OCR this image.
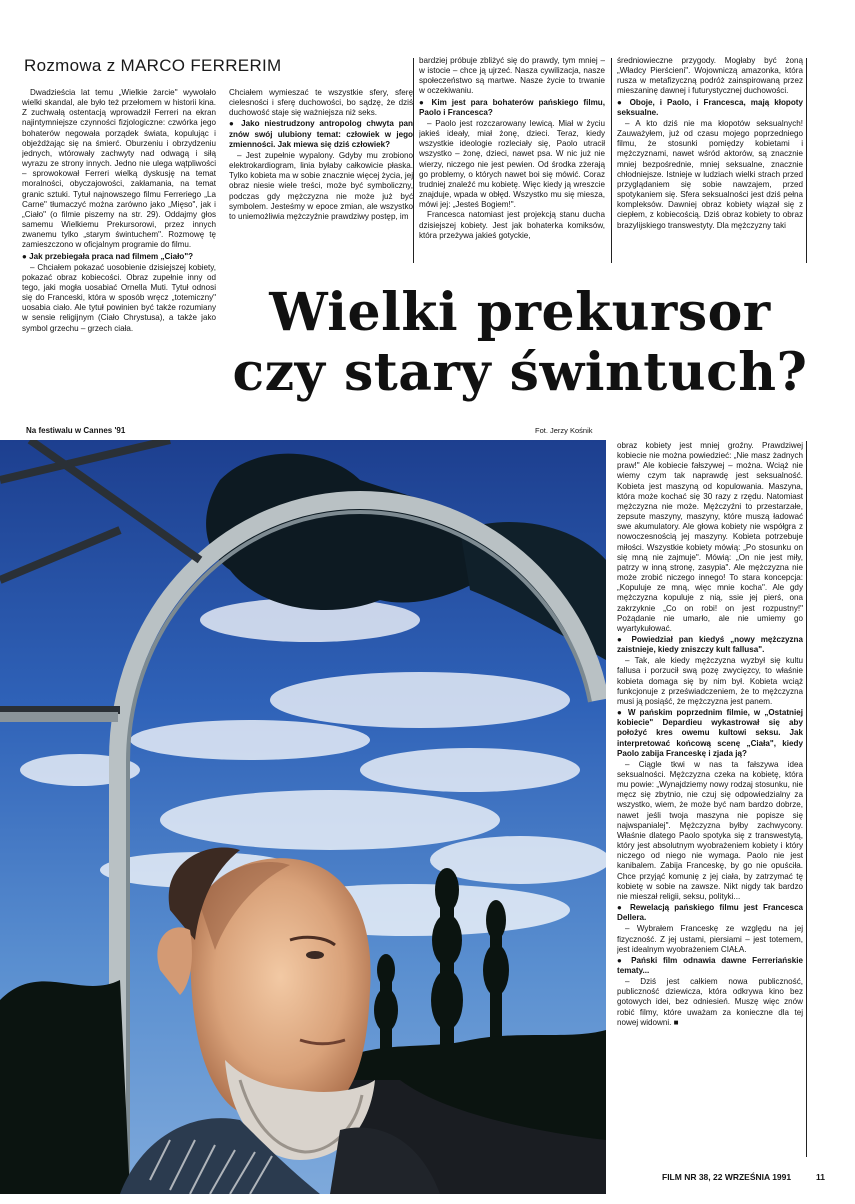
Rozmowa z MARCO FERRERIM

Dwadzieścia lat temu „Wielkie żarcie" wywołało wielki skandal, ale było też przełomem w historii kina. Z zuchwałą ostentacją wprowadził Ferreri na ekran najintymniejsze czynności fizjologiczne: czwórka jego bohaterów negowała porządek świata, kopulując i objeżdżając się na śmierć. Oburzeniu i obrzydzeniu jednych, wtórowały zachwyty nad odwagą i siłą wyrazu ze strony innych. Jedno nie ulega wątpliwości – sprowokował Ferreri wielką dyskusję na temat moralności, obyczajowości, zakłamania, na temat granic sztuki. Tytuł najnowszego filmu Ferreriego „La Carne" tłumaczyć można zarówno jako „Mięso", jak i „Ciało" (o filmie piszemy na str. 29). Oddajmy głos samemu Wielkiemu Prekursorowi, przez innych zwanemu tylko „starym świntuchem". Rozmowę tę zamieszczono w oficjalnym programie do filmu.

● Jak przebiegała praca nad filmem „Ciało"?

– Chciałem pokazać uosobienie dzisiejszej kobiety, pokazać obraz kobiecości. Obraz zupełnie inny od tego, jaki mogła uosabiać Ornella Muti. Tytuł odnosi się do Franceski, która w sposób wręcz „totemiczny" uosabia ciało. Ale tytuł powinien być także rozumiany w sensie religijnym (Ciało Chrystusa), a także jako symbol grzechu – grzech ciała.

Chciałem wymieszać te wszystkie sfery, sferę cielesności i sferę duchowości, bo sądzę, że dziś duchowość staje się ważniejsza niż seks.

● Jako niestrudzony antropolog chwyta pan znów swój ulubiony temat: człowiek w jego zmienności. Jak miewa się dziś człowiek?

– Jest zupełnie wypalony. Gdyby mu zrobiono elektrokardiogram, linia byłaby całkowicie płaska. Tylko kobieta ma w sobie znacznie więcej życia, jej obraz niesie wiele treści, może być symboliczny, podczas gdy mężczyzna nie może już być symbolem. Jesteśmy w epoce zmian, ale wszystko to uniemożliwia mężczyźnie prawdziwy postęp, im

bardziej próbuje zbliżyć się do prawdy, tym mniej – w istocie – chce ją ujrzeć. Nasza cywilizacja, nasze społeczeństwo są martwe. Nasze życie to trwanie w oczekiwaniu.

● Kim jest para bohaterów pańskiego filmu, Paolo i Francesca?

– Paolo jest rozczarowany lewicą. Miał w życiu jakieś ideały, miał żonę, dzieci. Teraz, kiedy wszystkie ideologie rozleciały się, Paolo utracił wszystko – żonę, dzieci, nawet psa. W nic już nie wierzy, niczego nie jest pewien. Od środka zżerają go problemy, o których nawet boi się mówić. Coraz trudniej znaleźć mu kobietę. Więc kiedy ją wreszcie znajduje, wpada w obłęd. Wszystko mu się miesza, mówi jej: „Jesteś Bogiem!".

Francesca natomiast jest projekcją stanu ducha dzisiejszej kobiety. Jest jak bohaterka komiksów, która przeżywa jakieś gotyckie,

średniowieczne przygody. Mogłaby być żoną „Władcy Pierścieni". Wojowniczą amazonka, która rusza w metafizyczną podróż zainspirowaną przez mieszaninę dawnej i futurystycznej duchowości.

● Oboje, i Paolo, i Francesca, mają kłopoty seksualne.

– A kto dziś nie ma kłopotów seksualnych! Zauważyłem, już od czasu mojego poprzedniego filmu, że stosunki pomiędzy kobietami i mężczyznami, nawet wśród aktorów, są znacznie mniej bezpośrednie, mniej seksualne, znacznie chłodniejsze. Istnieje w ludziach wielki strach przed przyglądaniem się sobie nawzajem, przed spotykaniem się. Sfera seksualności jest dziś pełna kompleksów. Dawniej obraz kobiety wiązał się z ciepłem, z kobiecością. Dziś obraz kobiety to obraz brazylijskiego transwestyty. Dla mężczyzny taki

Wielki prekursor
czy stary świntuch?
Na festiwalu w Cannes '91	Fot. Jerzy Kośnik

obraz kobiety jest mniej groźny. Prawdziwej kobiecie nie można powiedzieć: „Nie masz żadnych praw!" Ale kobiecie fałszywej – można. Wciąż nie wiemy czym tak naprawdę jest seksualność. Kobieta jest maszyną od kopulowania. Maszyna, która może kochać się 30 razy z rzędu. Natomiast mężczyzna nie może. Mężczyźni to przestarzałe, zepsute maszyny, maszyny, które muszą ładować swe akumulatory. Ale głowa kobiety nie współgra z nowoczesnością jej maszyny. Kobieta potrzebuje miłości. Wszystkie kobiety mówią: „Po stosunku on się mną nie zajmuje". Mówią: „On nie jest miły, patrzy w inną stronę, zasypia". Ale mężczyzna nie może zrobić niczego innego! To stara koncepcja: „Kopuluje ze mną, więc mnie kocha". Ale gdy mężczyzna kopuluje z nią, ssie jej pierś, ona zakrzyknie „Co on robi! on jest rozpustny!" Pożądanie nie umarło, ale nie umiemy go wyartykułować.

● Powiedział pan kiedyś „nowy mężczyzna zaistnieje, kiedy zniszczy kult fallusa".

– Tak, ale kiedy mężczyzna wyzbył się kultu fallusa i porzucił swą pozę zwycięzcy, to właśnie kobieta domaga się by nim był. Kobieta wciąż funkcjonuje z przeświadczeniem, że to mężczyzna musi ją posiąść, że mężczyzna jest panem.

● W pańskim poprzednim filmie, w „Ostatniej kobiecie" Depardieu wykastrował się aby położyć kres owemu kultowi seksu. Jak interpretować końcową scenę „Ciała", kiedy Paolo zabija Franceskę i zjada ją?

– Ciągle tkwi w nas ta fałszywa idea seksualności. Mężczyzna czeka na kobietę, która mu powie: „Wynajdziemy nowy rodzaj stosunku, nie męcz się zbytnio, nie czuj się odpowiedzialny za wszystko, wiem, że może być nam bardzo dobrze, nawet jeśli twoja maszyna nie popisze się najwspanialej". Mężczyzna byłby zachwycony. Właśnie dlatego Paolo spotyka się z transwestytą, który jest absolutnym wyobrażeniem kobiety i który niczego od niego nie wymaga. Paolo nie jest kanibalem. Zabija Franceskę, by go nie opuściła. Chce przyjąć komunię z jej ciała, by zatrzymać tę kobietę w sobie na zawsze. Nikt nigdy tak bardzo nie mieszał religii, seksu, polityki...

● Rewelacją pańskiego filmu jest Francesca Dellera.

– Wybrałem Franceskę ze względu na jej fizyczność. Z jej ustami, piersiami – jest totemem, jest idealnym wyobrażeniem CIAŁA.

● Pański film odnawia dawne Ferreriańskie tematy...

– Dziś jest całkiem nowa publiczność, publiczność dziewicza, która odkrywa kino bez gotowych idei, bez odniesień. Muszę więc znów robić filmy, które uważam za konieczne dla tej nowej widowni. ■

FILM NR 38, 22 WRZEŚNIA 1991	11
